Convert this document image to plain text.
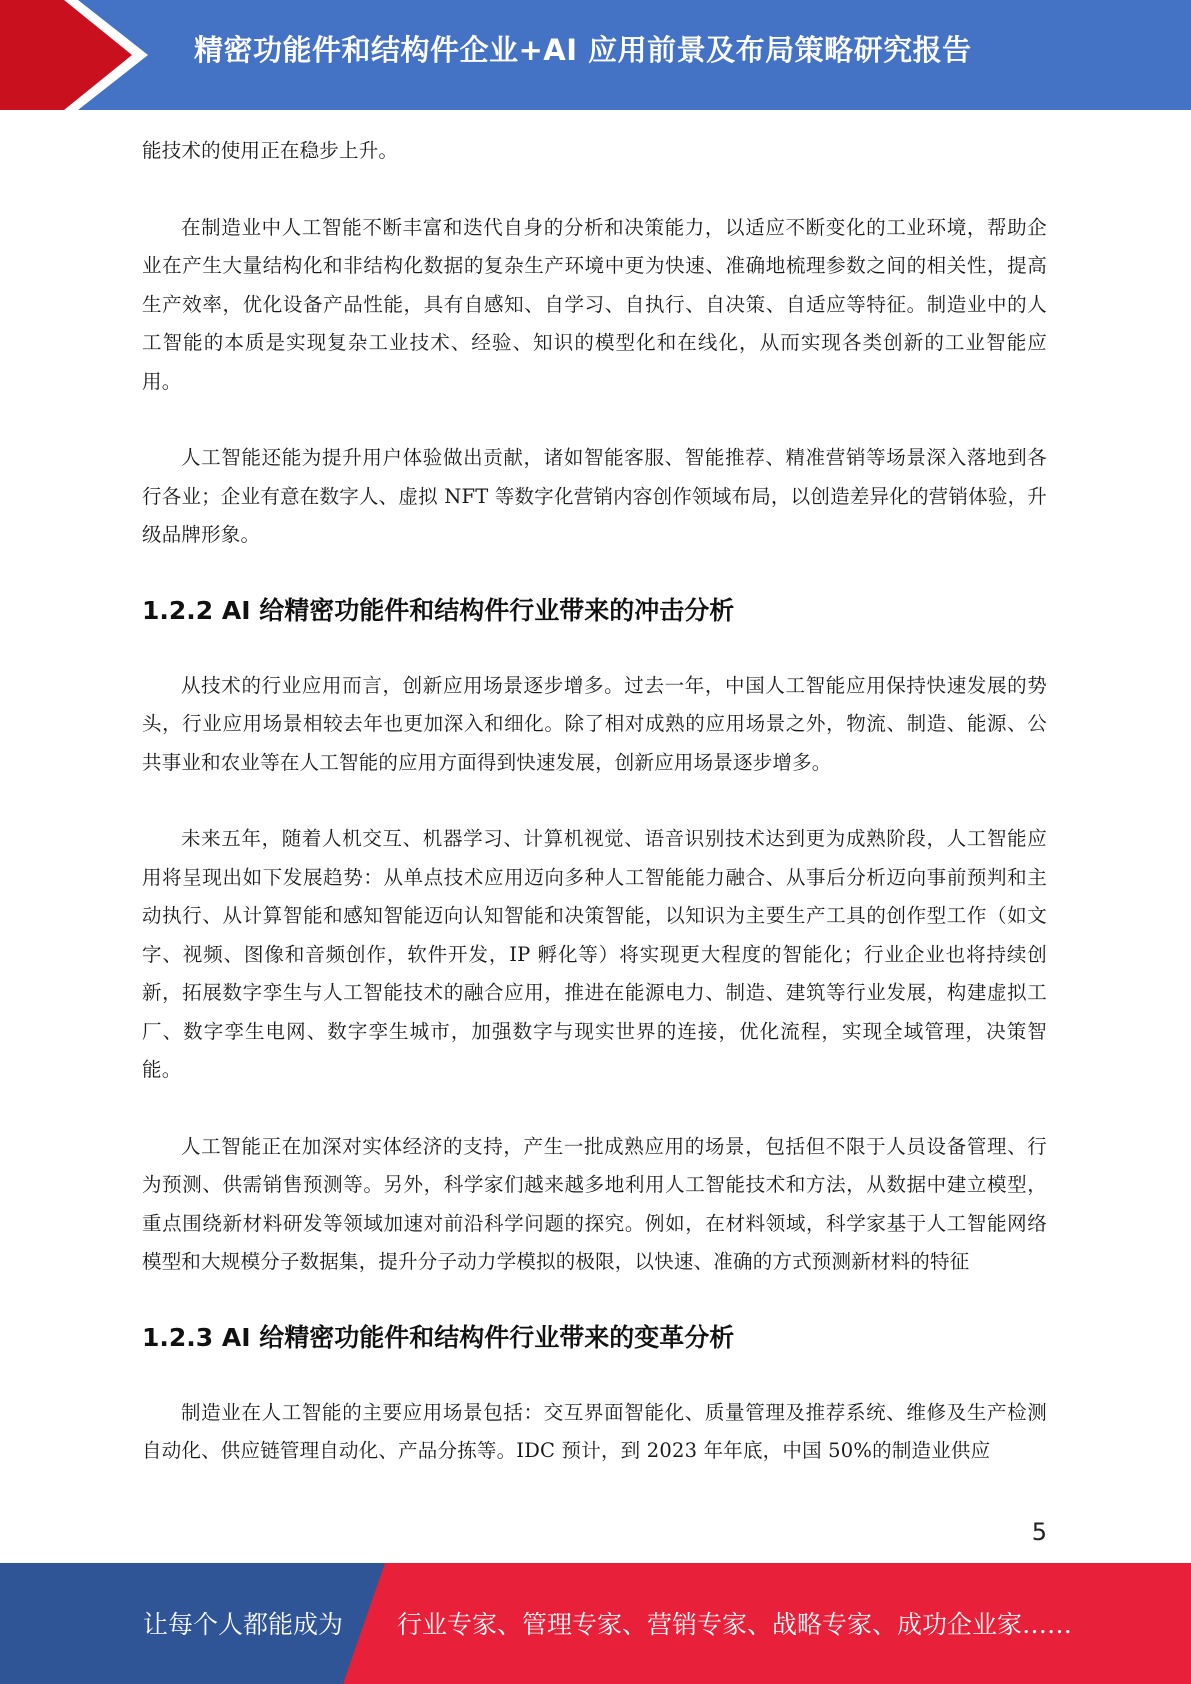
精密功能件和结构件企业+AI 应用前景及布局策略研究报告

能技术的使用正在稳步上升。

在制造业中人工智能不断丰富和迭代自身的分析和决策能力，以适应不断变化的工业环境，帮助企业在产生大量结构化和非结构化数据的复杂生产环境中更为快速、准确地梳理参数之间的相关性，提高生产效率，优化设备产品性能，具有自感知、自学习、自执行、自决策、自适应等特征。制造业中的人工智能的本质是实现复杂工业技术、经验、知识的模型化和在线化，从而实现各类创新的工业智能应用。

人工智能还能为提升用户体验做出贡献，诸如智能客服、智能推荐、精准营销等场景深入落地到各行各业；企业有意在数字人、虚拟 NFT 等数字化营销内容创作领域布局，以创造差异化的营销体验，升级品牌形象。

1.2.2 AI 给精密功能件和结构件行业带来的冲击分析

从技术的行业应用而言，创新应用场景逐步增多。过去一年，中国人工智能应用保持快速发展的势头，行业应用场景相较去年也更加深入和细化。除了相对成熟的应用场景之外，物流、制造、能源、公共事业和农业等在人工智能的应用方面得到快速发展，创新应用场景逐步增多。

未来五年，随着人机交互、机器学习、计算机视觉、语音识别技术达到更为成熟阶段，人工智能应用将呈现出如下发展趋势：从单点技术应用迈向多种人工智能能力融合、从事后分析迈向事前预判和主动执行、从计算智能和感知智能迈向认知智能和决策智能，以知识为主要生产工具的创作型工作（如文字、视频、图像和音频创作，软件开发，IP 孵化等）将实现更大程度的智能化；行业企业也将持续创新，拓展数字孪生与人工智能技术的融合应用，推进在能源电力、制造、建筑等行业发展，构建虚拟工厂、数字孪生电网、数字孪生城市，加强数字与现实世界的连接，优化流程，实现全域管理，决策智能。

人工智能正在加深对实体经济的支持，产生一批成熟应用的场景，包括但不限于人员设备管理、行为预测、供需销售预测等。另外，科学家们越来越多地利用人工智能技术和方法，从数据中建立模型，重点围绕新材料研发等领域加速对前沿科学问题的探究。例如，在材料领域，科学家基于人工智能网络模型和大规模分子数据集，提升分子动力学模拟的极限，以快速、准确的方式预测新材料的特征

1.2.3 AI 给精密功能件和结构件行业带来的变革分析

制造业在人工智能的主要应用场景包括：交互界面智能化、质量管理及推荐系统、维修及生产检测自动化、供应链管理自动化、产品分拣等。IDC 预计，到 2023 年年底，中国 50%的制造业供应

5
让每个人都能成为 行业专家、管理专家、营销专家、战略专家、成功企业家……
